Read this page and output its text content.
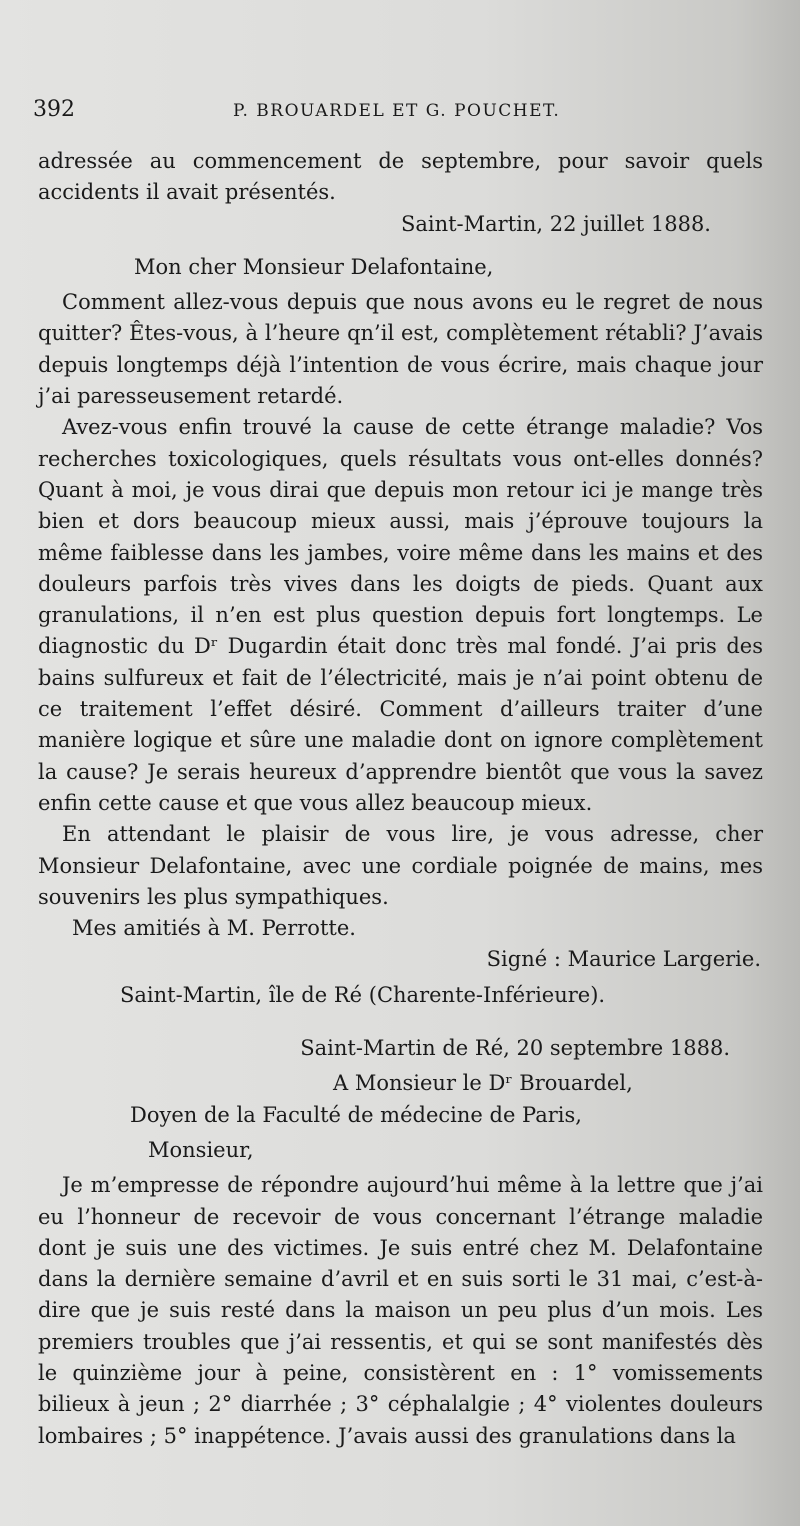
392	P. BROUARDEL ET G. POUCHET.

adressée au commencement de septembre, pour savoir quels accidents il avait présentés.

Saint-Martin, 22 juillet 1888.

Mon cher Monsieur Delafontaine,

Comment allez-vous depuis que nous avons eu le regret de nous quitter? Êtes-vous, à l’heure qn’il est, complètement rétabli? J’avais depuis longtemps déjà l’intention de vous écrire, mais chaque jour j’ai paresseusement retardé.

Avez-vous enfin trouvé la cause de cette étrange maladie? Vos recherches toxicologiques, quels résultats vous ont-elles donnés? Quant à moi, je vous dirai que depuis mon retour ici je mange très bien et dors beaucoup mieux aussi, mais j’éprouve toujours la même faiblesse dans les jambes, voire même dans les mains et des douleurs parfois très vives dans les doigts de pieds. Quant aux granulations, il n’en est plus question depuis fort longtemps. Le diagnostic du Dʳ Dugardin était donc très mal fondé. J’ai pris des bains sulfureux et fait de l’électricité, mais je n’ai point obtenu de ce traitement l’effet désiré. Comment d’ailleurs traiter d’une manière logique et sûre une maladie dont on ignore complètement la cause? Je serais heureux d’apprendre bientôt que vous la savez enfin cette cause et que vous allez beaucoup mieux.

En attendant le plaisir de vous lire, je vous adresse, cher Monsieur Delafontaine, avec une cordiale poignée de mains, mes souvenirs les plus sympathiques.

Mes amitiés à M. Perrotte.

Signé : Maurice Largerie.

Saint-Martin, île de Ré (Charente-Inférieure).

Saint-Martin de Ré, 20 septembre 1888.

A Monsieur le Dʳ Brouardel,

Doyen de la Faculté de médecine de Paris,

Monsieur,

Je m’empresse de répondre aujourd’hui même à la lettre que j’ai eu l’honneur de recevoir de vous concernant l’étrange maladie dont je suis une des victimes. Je suis entré chez M. Delafontaine dans la dernière semaine d’avril et en suis sorti le 31 mai, c’est-à-dire que je suis resté dans la maison un peu plus d’un mois. Les premiers troubles que j’ai ressentis, et qui se sont manifestés dès le quinzième jour à peine, consistèrent en : 1° vomissements bilieux à jeun ; 2° diarrhée ; 3° céphalalgie ; 4° violentes douleurs lombaires ; 5° inappétence. J’avais aussi des granulations dans la
